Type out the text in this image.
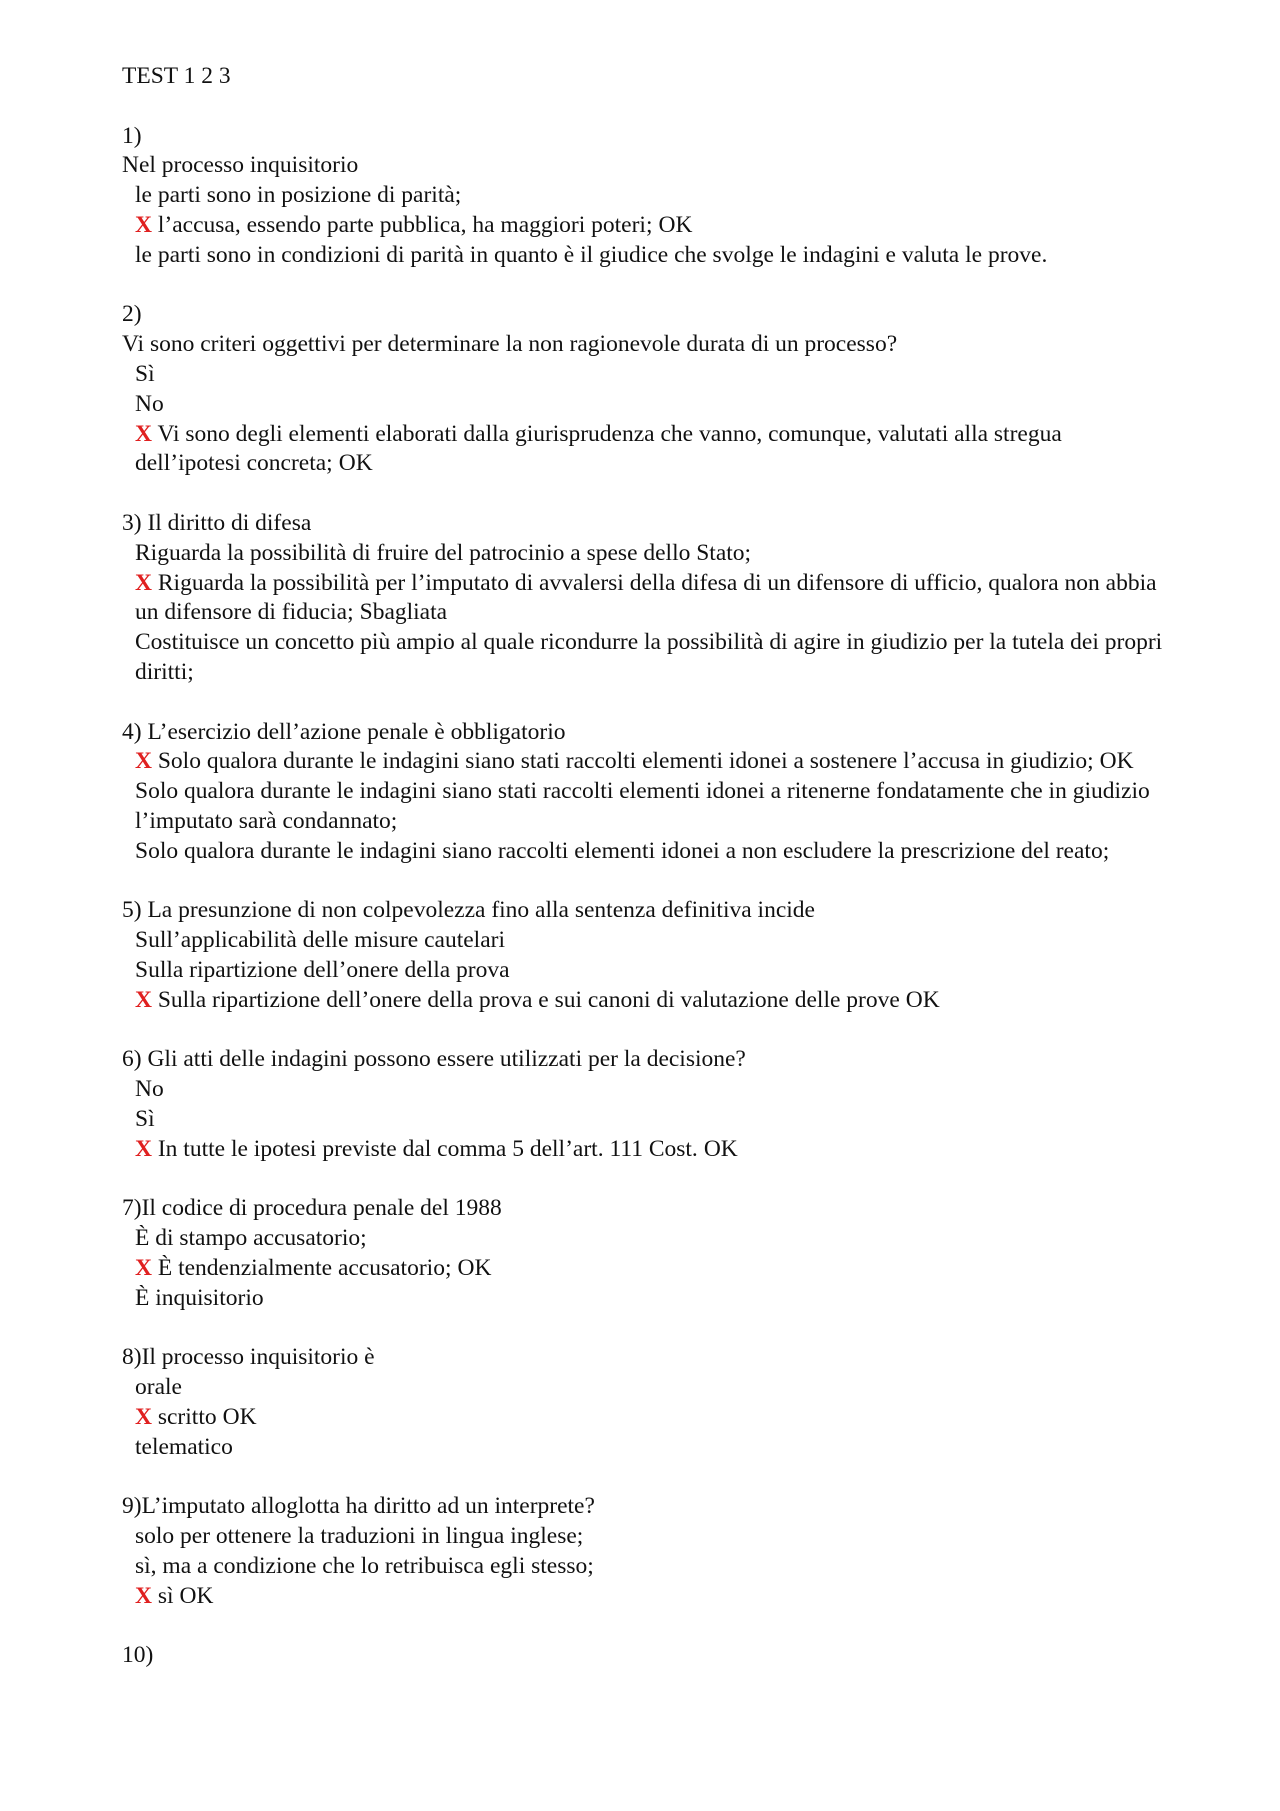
TEST 1 2 3

1)

Nel processo inquisitorio

le parti sono in posizione di parità;

X l’accusa, essendo parte pubblica, ha maggiori poteri; OK

le parti sono in condizioni di parità in quanto è il giudice che svolge le indagini e valuta le prove.

2)

Vi sono criteri oggettivi per determinare la non ragionevole durata di un processo?

Sì

No

X Vi sono degli elementi elaborati dalla giurisprudenza che vanno, comunque, valutati alla stregua dell’ipotesi concreta; OK

3) Il diritto di difesa

Riguarda la possibilità di fruire del patrocinio a spese dello Stato;

X Riguarda la possibilità per l’imputato di avvalersi della difesa di un difensore di ufficio, qualora non abbia un difensore di fiducia; Sbagliata

Costituisce un concetto più ampio al quale ricondurre la possibilità di agire in giudizio per la tutela dei propri diritti;

4) L’esercizio dell’azione penale è obbligatorio

X Solo qualora durante le indagini siano stati raccolti elementi idonei a sostenere l’accusa in giudizio; OK

Solo qualora durante le indagini siano stati raccolti elementi idonei a ritenerne fondatamente che in giudizio l’imputato sarà condannato;

Solo qualora durante le indagini siano raccolti elementi idonei a non escludere la prescrizione del reato;

5) La presunzione di non colpevolezza fino alla sentenza definitiva incide

Sull’applicabilità delle misure cautelari

Sulla ripartizione dell’onere della prova

X Sulla ripartizione dell’onere della prova e sui canoni di valutazione delle prove OK

6) Gli atti delle indagini possono essere utilizzati per la decisione?

No

Sì

X In tutte le ipotesi previste dal comma 5 dell’art. 111 Cost. OK

7)Il codice di procedura penale del 1988

È di stampo accusatorio;

X È tendenzialmente accusatorio; OK

È inquisitorio

8)Il processo inquisitorio è

orale

X scritto OK

telematico

9)L’imputato alloglotta ha diritto ad un interprete?

solo per ottenere la traduzioni in lingua inglese;

sì, ma a condizione che lo retribuisca egli stesso;

X sì OK

10)
